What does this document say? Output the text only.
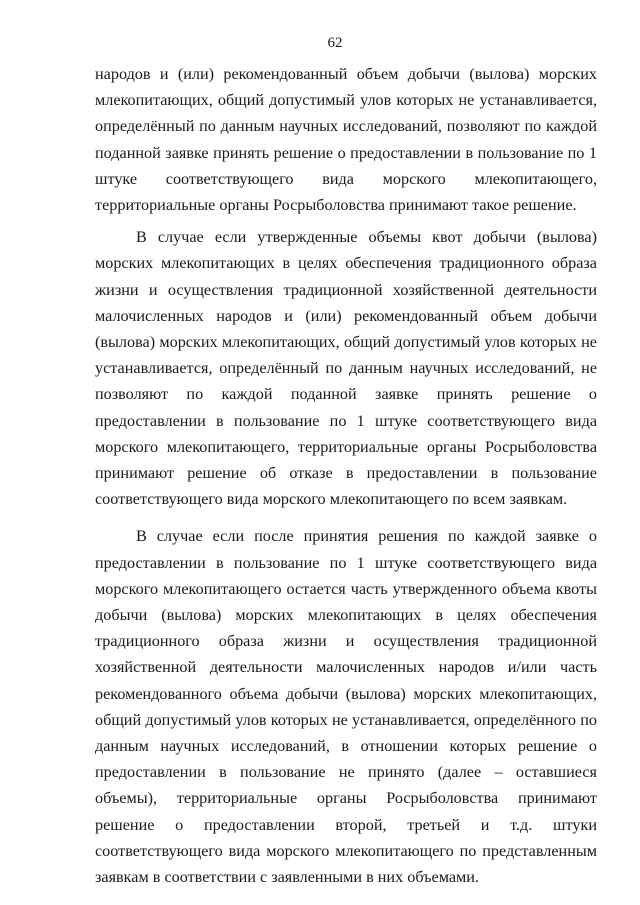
62

народов и (или) рекомендованный объем добычи (вылова) морских млекопитающих, общий допустимый улов которых не устанавливается, определённый по данным научных исследований, позволяют по каждой поданной заявке принять решение о предоставлении в пользование по 1 штуке соответствующего вида морского млекопитающего, территориальные органы Росрыболовства принимают такое решение.

В случае если утвержденные объемы квот добычи (вылова) морских млекопитающих в целях обеспечения традиционного образа жизни и осуществления традиционной хозяйственной деятельности малочисленных народов и (или) рекомендованный объем добычи (вылова) морских млекопитающих, общий допустимый улов которых не устанавливается, определённый по данным научных исследований, не позволяют по каждой поданной заявке принять решение о предоставлении в пользование по 1 штуке соответствующего вида морского млекопитающего, территориальные органы Росрыболовства принимают решение об отказе в предоставлении в пользование соответствующего вида морского млекопитающего по всем заявкам.

В случае если после принятия решения по каждой заявке о предоставлении в пользование по 1 штуке соответствующего вида морского млекопитающего остается часть утвержденного объема квоты добычи (вылова) морских млекопитающих в целях обеспечения традиционного образа жизни и осуществления традиционной хозяйственной деятельности малочисленных народов и/или часть рекомендованного объема добычи (вылова) морских млекопитающих, общий допустимый улов которых не устанавливается, определённого по данным научных исследований, в отношении которых решение о предоставлении в пользование не принято (далее – оставшиеся объемы), территориальные органы Росрыболовства принимают решение о предоставлении второй, третьей и т.д. штуки соответствующего вида морского млекопитающего по представленным заявкам в соответствии с заявленными в них объемами.
